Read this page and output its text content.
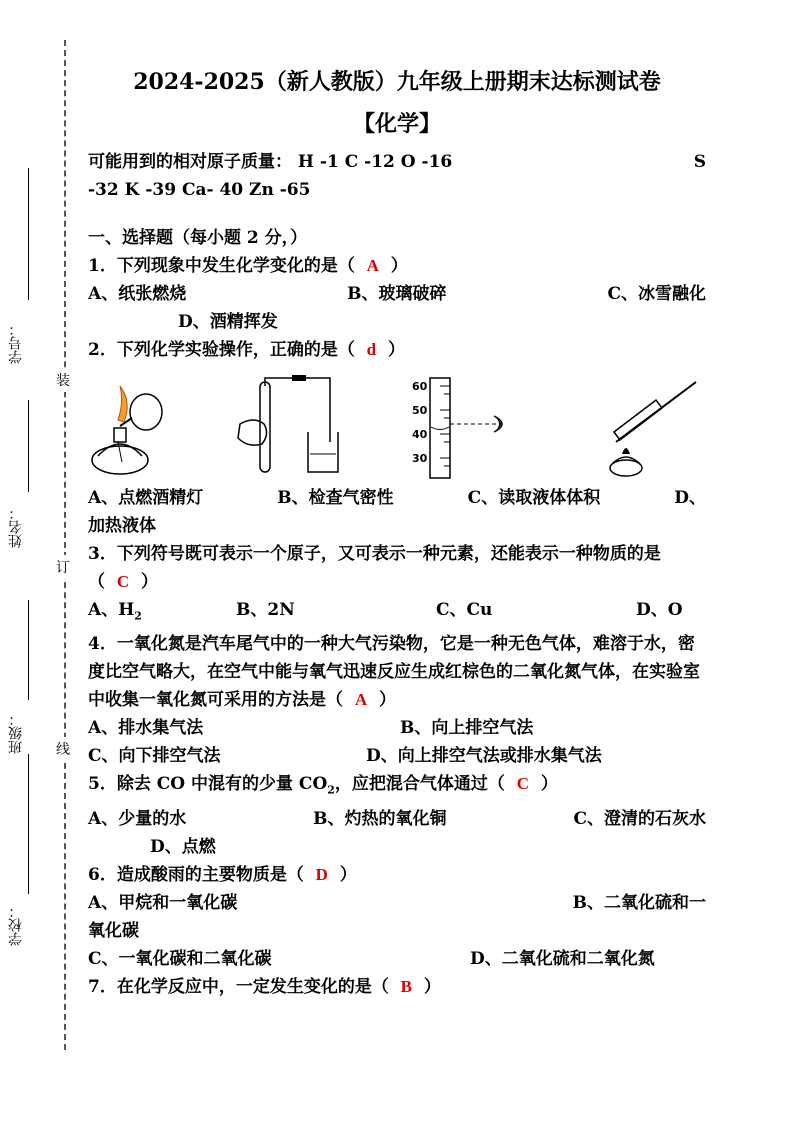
学号：
姓名：
班级：
学校：
装
订
线
2024-2025（新人教版）九年级上册期末达标测试卷
【化学】
可能用到的相对原子质量： H -1 C -12 O -16	S
-32 K -39 Ca- 40 Zn -65
一、选择题（每小题 2 分，）
1．下列现象中发生化学变化的是（ A ）
A、纸张燃烧	B、玻璃破碎	C、冰雪融化
D、酒精挥发
2．下列化学实验操作，正确的是（ d ）
60
50
40
30
A、点燃酒精灯	B、检查气密性	C、读取液体体积	D、
加热液体
3．下列符号既可表示一个原子，又可表示一种元素，还能表示一种物质的是（ C ）
A、$H_2$	B、2N	C、Cu	D、O
4．一氧化氮是汽车尾气中的一种大气污染物，它是一种无色气体，难溶于水，密度比空气略大，在空气中能与氧气迅速反应生成红棕色的二氧化氮气体，在实验室中收集一氧化氮可采用的方法是（ A ）
A、排水集气法	B、向上排空气法
C、向下排空气法	D、向上排空气法或排水集气法
5．除去 CO 中混有的少量 $CO_2$，应把混合气体通过（ C ）
A、少量的水	B、灼热的氧化铜	C、澄清的石灰水
D、点燃
6．造成酸雨的主要物质是（ D ）
A、甲烷和一氧化碳	B、二氧化硫和一
氧化碳
C、一氧化碳和二氧化碳	D、二氧化硫和二氧化氮
7．在化学反应中，一定发生变化的是（ B ）
